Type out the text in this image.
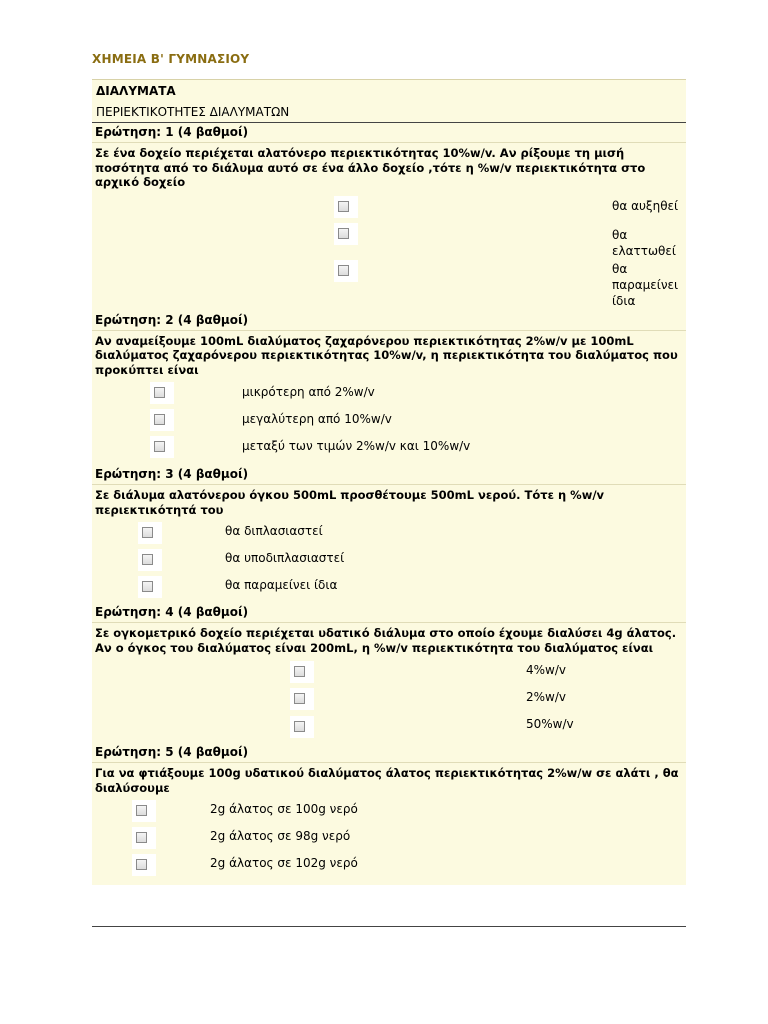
ΧΗΜΕΙΑ Β' ΓΥΜΝΑΣΙΟΥ
ΔΙΑΛΥΜΑΤΑ
ΠΕΡΙΕΚΤΙΚΟΤΗΤΕΣ ΔΙΑΛΥΜΑΤΩΝ
Ερώτηση: 1 (4 βαθμοί)
Σε ένα δοχείο περιέχεται αλατόνερο περιεκτικότητας 10%w/v. Αν ρίξουμε τη μισή ποσότητα από το διάλυμα αυτό σε ένα άλλο δοχείο ,τότε η %w/v περιεκτικότητα στο αρχικό δοχείο
θα αυξηθεί
θα ελαττωθεί
θα παραμείνει ίδια
Ερώτηση: 2 (4 βαθμοί)
Αν αναμείξουμε 100mL διαλύματος ζαχαρόνερου περιεκτικότητας 2%w/v με 100mL διαλύματος ζαχαρόνερου περιεκτικότητας 10%w/v, η περιεκτικότητα του διαλύματος που προκύπτει είναι
μικρότερη από 2%w/v
μεγαλύτερη από 10%w/v
μεταξύ των τιμών 2%w/v και 10%w/v
Ερώτηση: 3 (4 βαθμοί)
Σε διάλυμα αλατόνερου όγκου 500mL προσθέτουμε 500mL νερού. Τότε η %w/v περιεκτικότητά του
θα διπλασιαστεί
θα υποδιπλασιαστεί
θα παραμείνει ίδια
Ερώτηση: 4 (4 βαθμοί)
Σε ογκομετρικό δοχείο περιέχεται υδατικό διάλυμα στο οποίο έχουμε διαλύσει 4g άλατος. Αν ο όγκος του διαλύματος είναι 200mL, η %w/v περιεκτικότητα του διαλύματος είναι
4%w/v
2%w/v
50%w/v
Ερώτηση: 5 (4 βαθμοί)
Για να φτιάξουμε 100g υδατικού διαλύματος άλατος περιεκτικότητας 2%w/w σε αλάτι , θα διαλύσουμε
2g άλατος σε 100g νερό
2g άλατος σε 98g νερό
2g άλατος σε 102g νερό
